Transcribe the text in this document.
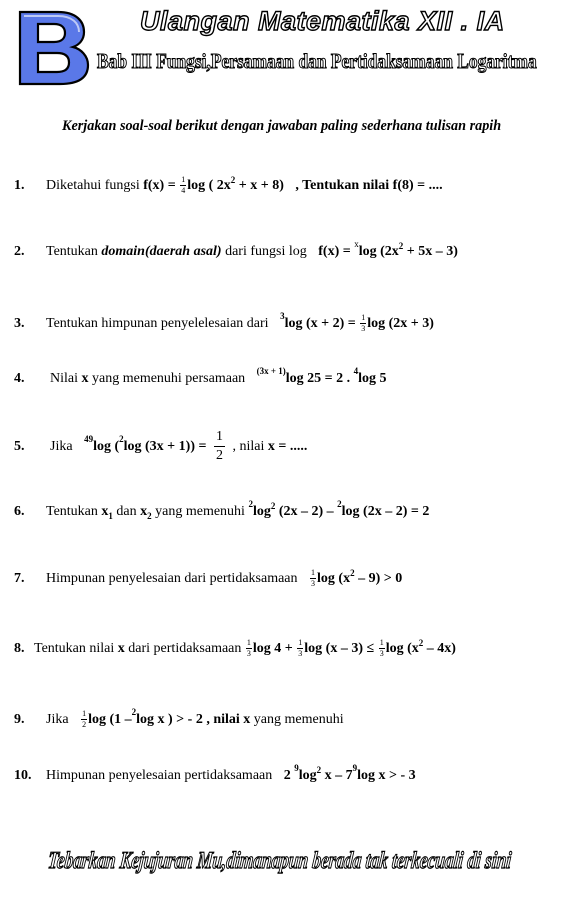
Ulangan Matematika XII . IA
Bab III Fungsi,Persamaan dan Pertidaksamaan Logaritma
Kerjakan soal-soal berikut dengan jawaban paling sederhana tulisan rapih
1. Diketahui fungsi $f(x) = \frac{1}{4}$ log ( $2x^2 + x + 8$) , Tentukan nilai f(8) = ....
2. Tentukan domain(daerah asal) dari fungsi log f(x) = xlog $(2x^2 + 5x - 3)$
3. Tentukan himpunan penyelelesaian dari 3log $(x + 2) = \frac{1}{3}$ log (2x + 3)
4. Nilai x yang memenuhi persamaan (3x + 1)log 25 = 2 . 4log 5
5. Jika 49log (2log $(3x + 1)) = \frac{1}{2}$ , nilai x = .....
6. Tentukan $x_1$ dan $x_2$ yang memenuhi $2\log^2$ (2x – 2) – 2log (2x – 2) = 2
7. Himpunan penyelesaian dari pertidaksamaan $\frac{1}{3}$ $\log (x^2 - 9) > 0$
8. Tentukan nilai x dari pertidaksamaan $\frac{1}{3}$ $\log 4 + \frac{1}{3}$ $\log (x - 3) \le \frac{1}{3}$ $\log (x^2 - 4x)$
9. Jika $\frac{1}{2}$ log (1 –2log x ) > - 2 , nilai x yang memenuhi
10. Himpunan penyelesaian pertidaksamaan 2 $9\log^2$ x – 79log x > - 3
Tebarkan Kejujuran Mu,dimanapun berada tak terkecuali di sini
